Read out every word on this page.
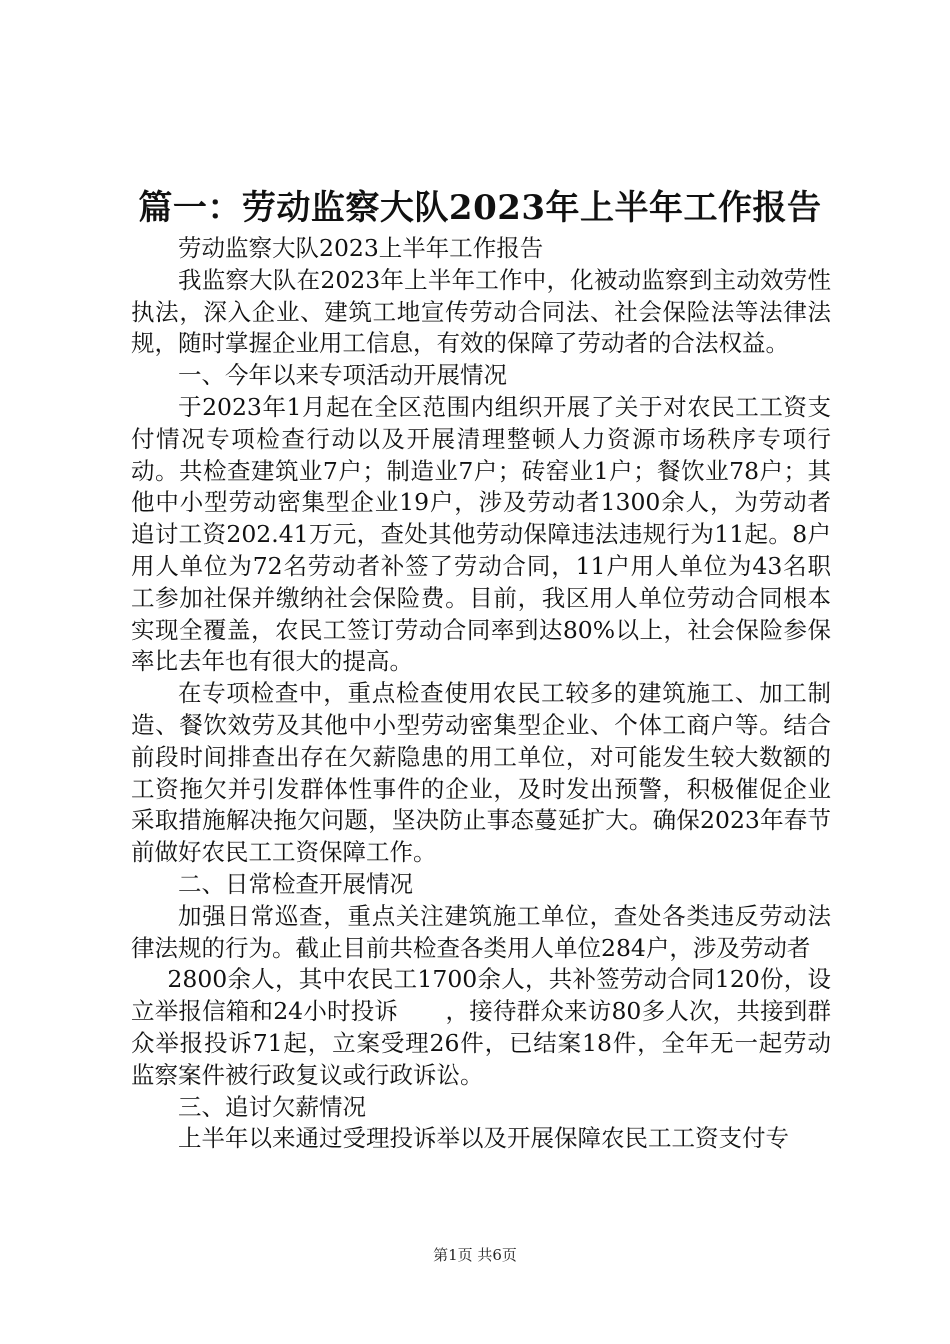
篇一：劳动监察大队2023年上半年工作报告

劳动监察大队2023上半年工作报告

我监察大队在2023年上半年工作中，化被动监察到主动效劳性执法，深入企业、建筑工地宣传劳动合同法、社会保险法等法律法规，随时掌握企业用工信息，有效的保障了劳动者的合法权益。

一、今年以来专项活动开展情况

于2023年1月起在全区范围内组织开展了关于对农民工工资支付情况专项检查行动以及开展清理整顿人力资源市场秩序专项行动。共检查建筑业7户；制造业7户；砖窑业1户；餐饮业78户；其他中小型劳动密集型企业19户，涉及劳动者1300余人，为劳动者追讨工资202.41万元，查处其他劳动保障违法违规行为11起。8户用人单位为72名劳动者补签了劳动合同，11户用人单位为43名职工参加社保并缴纳社会保险费。目前，我区用人单位劳动合同根本实现全覆盖，农民工签订劳动合同率到达80%以上，社会保险参保率比去年也有很大的提高。

在专项检查中，重点检查使用农民工较多的建筑施工、加工制造、餐饮效劳及其他中小型劳动密集型企业、个体工商户等。结合前段时间排查出存在欠薪隐患的用工单位，对可能发生较大数额的工资拖欠并引发群体性事件的企业，及时发出预警，积极催促企业采取措施解决拖欠问题，坚决防止事态蔓延扩大。确保2023年春节前做好农民工工资保障工作。

二、日常检查开展情况

加强日常巡查，重点关注建筑施工单位，查处各类违反劳动法律法规的行为。截止目前共检查各类用人单位284户，涉及劳动者

2800余人，其中农民工1700余人，共补签劳动合同120份，设立举报信箱和24小时投诉　　，接待群众来访80多人次，共接到群众举报投诉71起，立案受理26件，已结案18件，全年无一起劳动监察案件被行政复议或行政诉讼。

三、追讨欠薪情况

上半年以来通过受理投诉举以及开展保障农民工工资支付专

第1页 共6页
